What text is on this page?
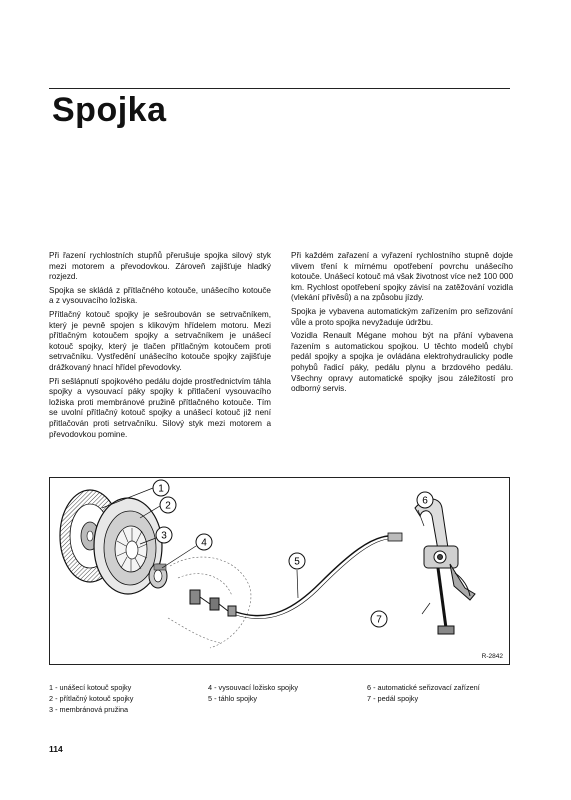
Spojka

Při řazení rychlostních stupňů přerušuje spojka silový styk mezi motorem a převodovkou. Zároveň zajišťuje hladký rozjezd.

Spojka se skládá z přítlačného kotouče, unášecího kotouče a z vysouvacího ložiska.

Přítlačný kotouč spojky je sešroubován se setrvačníkem, který je pevně spojen s klikovým hřídelem motoru. Mezi přítlačným kotoučem spojky a setrvačníkem je unášecí kotouč spojky, který je tlačen přítlačným kotoučem proti setrvačníku. Vystředění unášecího kotouče spojky zajišťuje drážkovaný hnací hřídel převodovky.

Při sešlápnutí spojkového pedálu dojde prostřednictvím táhla spojky a vysouvací páky spojky k přitlačení vysouvacího ložiska proti membránové pružině přítlačného kotouče. Tím se uvolní přítlačný kotouč spojky a unášecí kotouč již není přitlačován proti setrvačníku. Silový styk mezi motorem a převodovkou pomine.

Při každém zařazení a vyřazení rychlostního stupně dojde vlivem tření k mírnému opotřebení povrchu unášecího kotouče. Unášecí kotouč má však životnost více než 100 000 km. Rychlost opotřebení spojky závisí na zatěžování vozidla (vlekání přívěsů) a na způsobu jízdy.

Spojka je vybavena automatickým zařízením pro seřizování vůle a proto spojka nevyžaduje údržbu.

Vozidla Renault Mégane mohou být na přání vybavena řazením s automatickou spojkou. U těchto modelů chybí pedál spojky a spojka je ovládána elektrohydraulicky podle pohybů řadicí páky, pedálu plynu a brzdového pedálu. Všechny opravy automatické spojky jsou záležitostí pro odborný servis.

1
2
3
4
5
6
7
R-2842
1 - unášecí kotouč spojky
2 - přítlačný kotouč spojky
3 - membránová pružina
4 - vysouvací ložisko spojky
5 - táhlo spojky
6 - automatické seřizovací zařízení
7 - pedál spojky
114
